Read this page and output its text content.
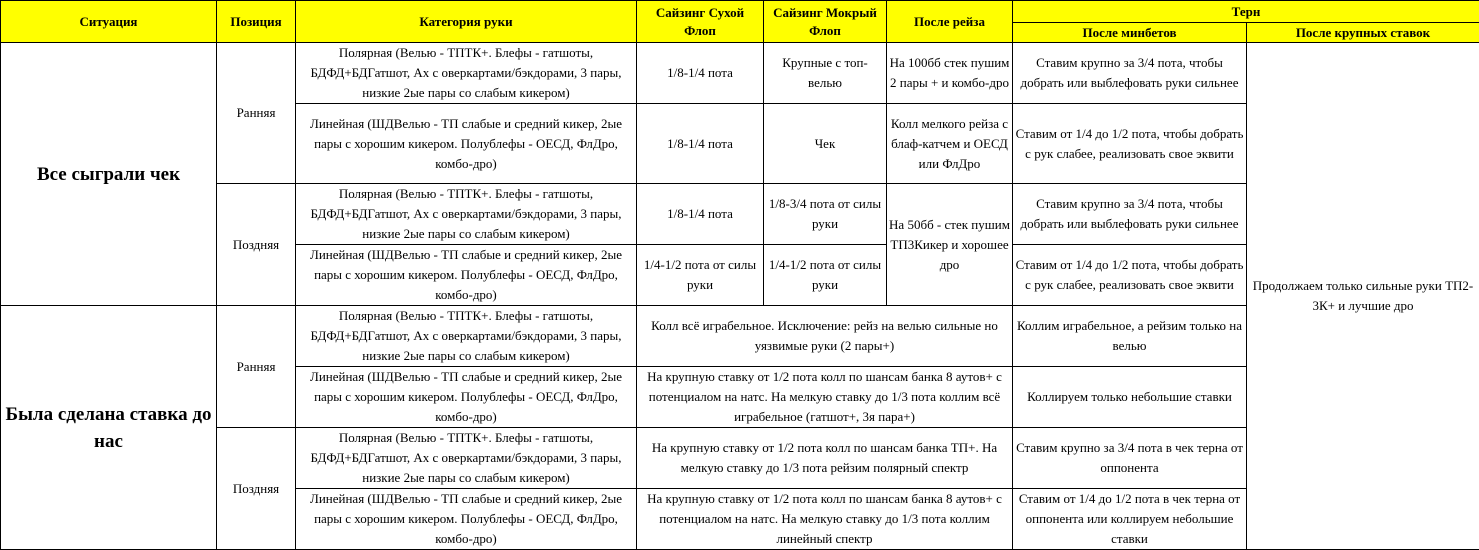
Ситуация	Позиция	Категория руки	Сайзинг Сухой Флоп	Сайзинг Мокрый Флоп	После рейза	Терн	
						После минбетов	После крупных ставок
Все сыграли чек	Ранняя	Полярная (Велью - ТПТК+. Блефы - гатшоты, БДФД+БДГатшот, Ах с оверкартами/бэкдорами, 3 пары, низкие 2ые пары со слабым кикером)	1/8-1/4 пота	Крупные с топ-велью	На 100бб стек пушим 2 пары + и комбо-дро	Ставим крупно за 3/4 пота, чтобы добрать или выблефовать руки сильнее	Продолжаем только сильные руки ТП2-3К+ и лучшие дро
		Линейная (ШДВелью - ТП слабые и средний кикер, 2ые пары с хорошим кикером. Полублефы - ОЕСД, ФлДро, комбо-дро)	1/8-1/4 пота	Чек	Колл мелкого рейза с блаф-катчем и ОЕСД или ФлДро	Ставим от 1/4 до 1/2 пота, чтобы добрать с рук слабее, реализовать свое эквити	
	Поздняя	Полярная (Велью - ТПТК+. Блефы - гатшоты, БДФД+БДГатшот, Ах с оверкартами/бэкдорами, 3 пары, низкие 2ые пары со слабым кикером)	1/8-1/4 пота	1/8-3/4 пота от силы руки	На 50бб - стек пушим ТП3Кикер и хорошее дро	Ставим крупно за 3/4 пота, чтобы добрать или выблефовать руки сильнее	
		Линейная (ШДВелью - ТП слабые и средний кикер, 2ые пары с хорошим кикером. Полублефы - ОЕСД, ФлДро, комбо-дро)	1/4-1/2 пота от силы руки	1/4-1/2 пота от силы руки		Ставим от 1/4 до 1/2 пота, чтобы добрать с рук слабее, реализовать свое эквити	
Была сделана ставка до нас	Ранняя	Полярная (Велью - ТПТК+. Блефы - гатшоты, БДФД+БДГатшот, Ах с оверкартами/бэкдорами, 3 пары, низкие 2ые пары со слабым кикером)	Колл всё играбельное. Исключение: рейз на велью сильные но уязвимые руки (2 пары+)			Коллим играбельное, а рейзим только на велью	
		Линейная (ШДВелью - ТП слабые и средний кикер, 2ые пары с хорошим кикером. Полублефы - ОЕСД, ФлДро, комбо-дро)	На крупную ставку от 1/2 пота колл по шансам банка 8 аутов+ с потенциалом на натс. На мелкую ставку до 1/3 пота коллим всё играбельное (гатшот+, 3я пара+)			Коллируем только небольшие ставки	
	Поздняя	Полярная (Велью - ТПТК+. Блефы - гатшоты, БДФД+БДГатшот, Ах с оверкартами/бэкдорами, 3 пары, низкие 2ые пары со слабым кикером)	На крупную ставку от 1/2 пота колл по шансам банка ТП+. На мелкую ставку до 1/3 пота рейзим полярный спектр			Ставим крупно за 3/4 пота в чек терна от оппонента	
		Линейная (ШДВелью - ТП слабые и средний кикер, 2ые пары с хорошим кикером. Полублефы - ОЕСД, ФлДро, комбо-дро)	На крупную ставку от 1/2 пота колл по шансам банка 8 аутов+ с потенциалом на натс. На мелкую ставку до 1/3 пота коллим линейный спектр			Ставим от 1/4 до 1/2 пота в чек терна от оппонента или коллируем небольшие ставки	
